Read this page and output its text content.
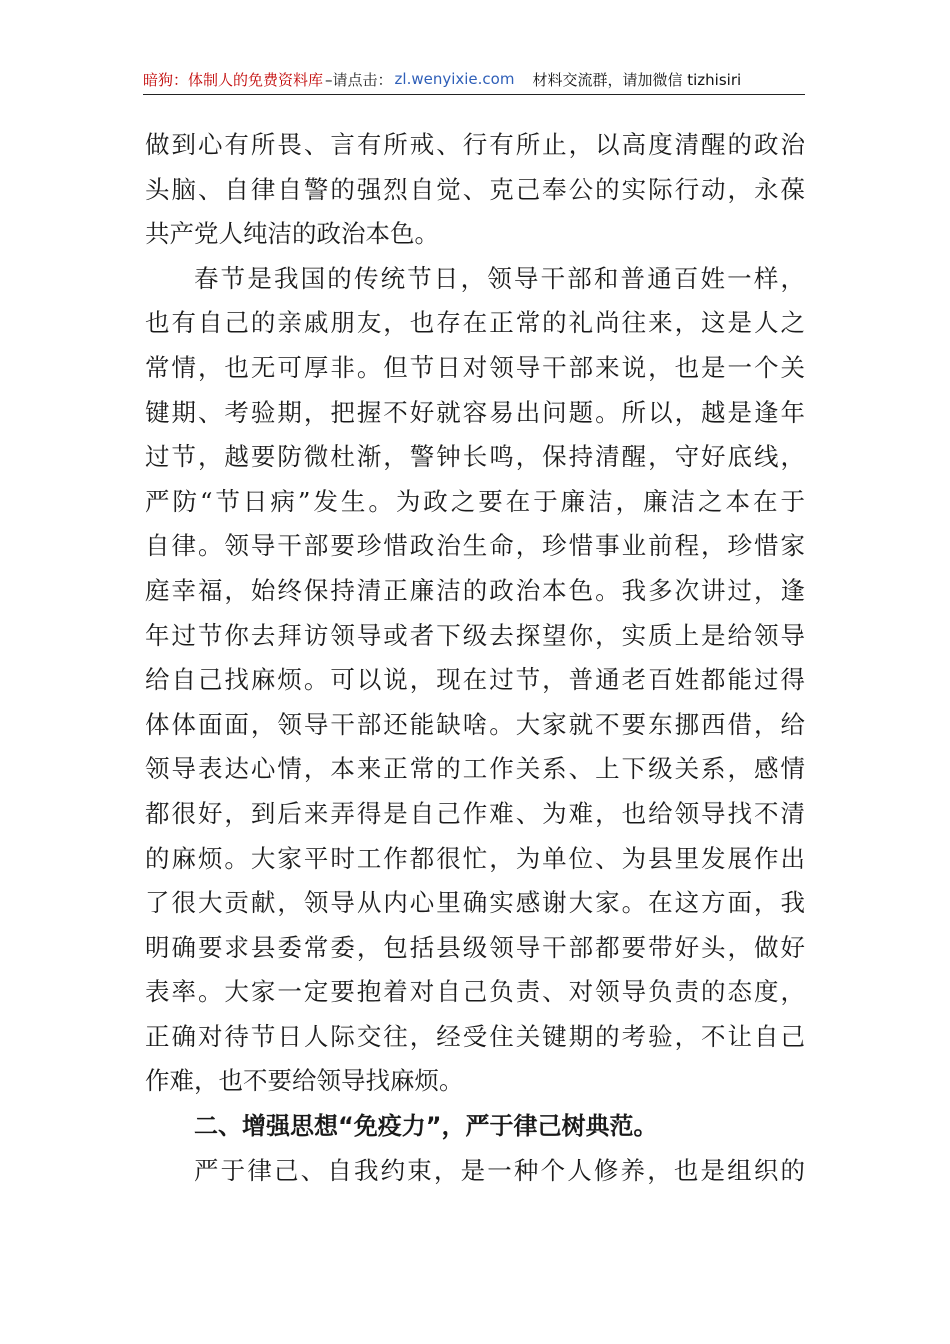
暗狗：体制人的免费资料库 –请点击： zl.wenyixie.com 材料交流群，请加微信 tizhisiri
做到心有所畏、言有所戒、行有所止，以高度清醒的政治
头脑、自律自警的强烈自觉、克己奉公的实际行动，永葆
共产党人纯洁的政治本色。
春节是我国的传统节日，领导干部和普通百姓一样，
也有自己的亲戚朋友，也存在正常的礼尚往来，这是人之
常情，也无可厚非。但节日对领导干部来说，也是一个关
键期、考验期，把握不好就容易出问题。所以，越是逢年
过节，越要防微杜渐，警钟长鸣，保持清醒，守好底线，
严防“节日病”发生。为政之要在于廉洁，廉洁之本在于
自律。领导干部要珍惜政治生命，珍惜事业前程，珍惜家
庭幸福，始终保持清正廉洁的政治本色。我多次讲过，逢
年过节你去拜访领导或者下级去探望你，实质上是给领导
给自己找麻烦。可以说，现在过节，普通老百姓都能过得
体体面面，领导干部还能缺啥。大家就不要东挪西借，给
领导表达心情，本来正常的工作关系、上下级关系，感情
都很好，到后来弄得是自己作难、为难，也给领导找不清
的麻烦。大家平时工作都很忙，为单位、为县里发展作出
了很大贡献，领导从内心里确实感谢大家。在这方面，我
明确要求县委常委，包括县级领导干部都要带好头，做好
表率。大家一定要抱着对自己负责、对领导负责的态度，
正确对待节日人际交往，经受住关键期的考验，不让自己
作难，也不要给领导找麻烦。
二、增强思想“免疫力”，严于律己树典范。
严于律己、自我约束，是一种个人修养，也是组织的
